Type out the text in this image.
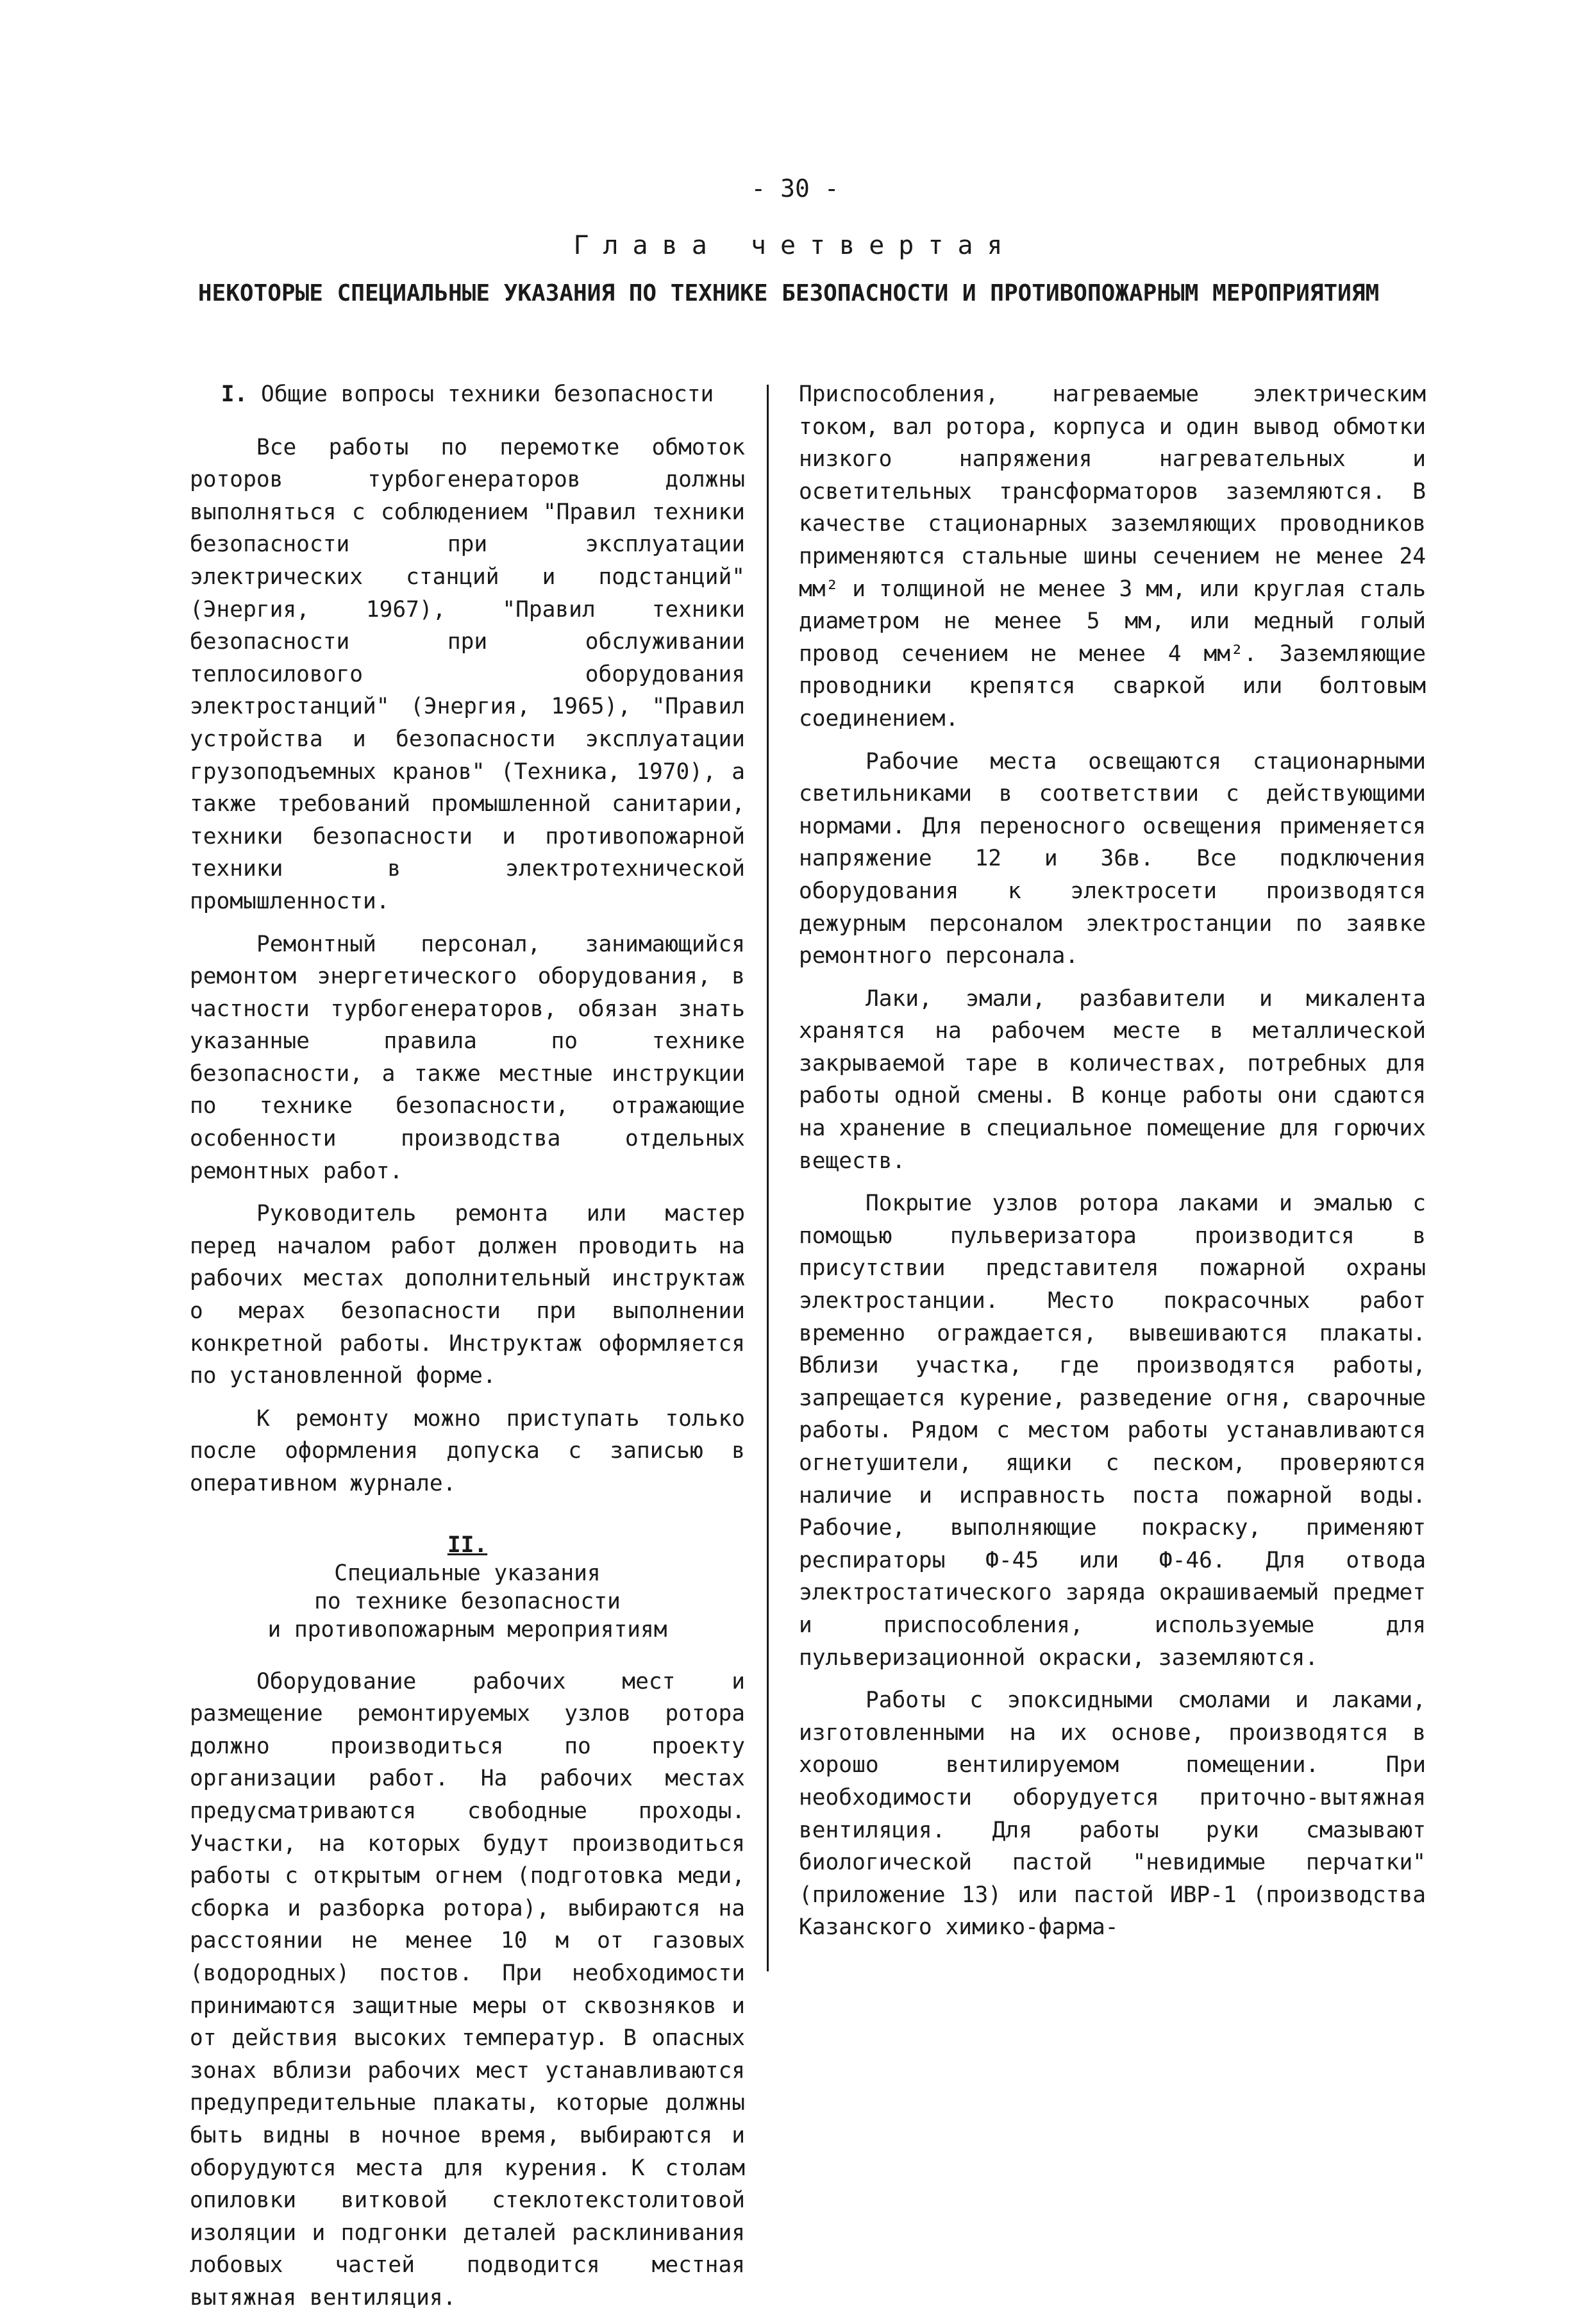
- 30 -
Глава четвертая
НЕКОТОРЫЕ СПЕЦИАЛЬНЫЕ УКАЗАНИЯ ПО ТЕХНИКЕ БЕЗОПАСНОСТИ И ПРОТИВОПОЖАРНЫМ МЕРОПРИЯТИЯМ
I. Общие вопросы техники безопасности

Все работы по перемотке обмоток роторов турбогенераторов должны выполняться с соблюдением "Правил техники безопасности при эксплуатации электрических станций и подстанций" (Энергия, 1967), "Правил техники безопасности при обслуживании теплосилового оборудования электростанций" (Энергия, 1965), "Правил устройства и безопасности эксплуатации грузоподъемных кранов" (Техника, 1970), а также требований промышленной санитарии, техники безопасности и противопожарной техники в электротехнической промышленности.

Ремонтный персонал, занимающийся ремонтом энергетического оборудования, в частности турбогенераторов, обязан знать указанные правила по технике безопасности, а также местные инструкции по технике безопасности, отражающие особенности производства отдельных ремонтных работ.

Руководитель ремонта или мастер перед началом работ должен проводить на рабочих местах дополнительный инструктаж о мерах безопасности при выполнении конкретной работы. Инструктаж оформляется по установленной форме.

К ремонту можно приступать только после оформления допуска с записью в оперативном журнале.

II.
Специальные указания
по технике безопасности
и противопожарным мероприятиям

Оборудование рабочих мест и размещение ремонтируемых узлов ротора должно производиться по проекту организации работ. На рабочих местах предусматриваются свободные проходы. Участки, на которых будут производиться работы с открытым огнем (подготовка меди, сборка и разборка ротора), выбираются на расстоянии не менее 10 м от газовых (водородных) постов. При необходимости принимаются защитные меры от сквозняков и от действия высоких температур. В опасных зонах вблизи рабочих мест устанавливаются предупредительные плакаты, которые должны быть видны в ночное время, выбираются и оборудуются места для курения. К столам опиловки витковой стеклотекстолитовой изоляции и подгонки деталей расклинивания лобовых частей подводится местная вытяжная вентиляция.

Приспособления, нагреваемые электрическим током, вал ротора, корпуса и один вывод обмотки низкого напряжения нагревательных и осветительных трансформаторов заземляются. В качестве стационарных заземляющих проводников применяются стальные шины сечением не менее 24 мм² и толщиной не менее 3 мм, или круглая сталь диаметром не менее 5 мм, или медный голый провод сечением не менее 4 мм². Заземляющие проводники крепятся сваркой или болтовым соединением.

Рабочие места освещаются стационарными светильниками в соответствии с действующими нормами. Для переносного освещения применяется напряжение 12 и 36в. Все подключения оборудования к электросети производятся дежурным персоналом электростанции по заявке ремонтного персонала.

Лаки, эмали, разбавители и микалента хранятся на рабочем месте в металлической закрываемой таре в количествах, потребных для работы одной смены. В конце работы они сдаются на хранение в специальное помещение для горючих веществ.

Покрытие узлов ротора лаками и эмалью с помощью пульверизатора производится в присутствии представителя пожарной охраны электростанции. Место покрасочных работ временно ограждается, вывешиваются плакаты. Вблизи участка, где производятся работы, запрещается курение, разведение огня, сварочные работы. Рядом с местом работы устанавливаются огнетушители, ящики с песком, проверяются наличие и исправность поста пожарной воды. Рабочие, выполняющие покраску, применяют респираторы Ф-45 или Ф-46. Для отвода электростатического заряда окрашиваемый предмет и приспособления, используемые для пульверизационной окраски, заземляются.

Работы с эпоксидными смолами и лаками, изготовленными на их основе, производятся в хорошо вентилируемом помещении. При необходимости оборудуется приточно-вытяжная вентиляция. Для работы руки смазывают биологической пастой "невидимые перчатки" (приложение 13) или пастой ИВР-1 (производства Казанского химико-фарма-
